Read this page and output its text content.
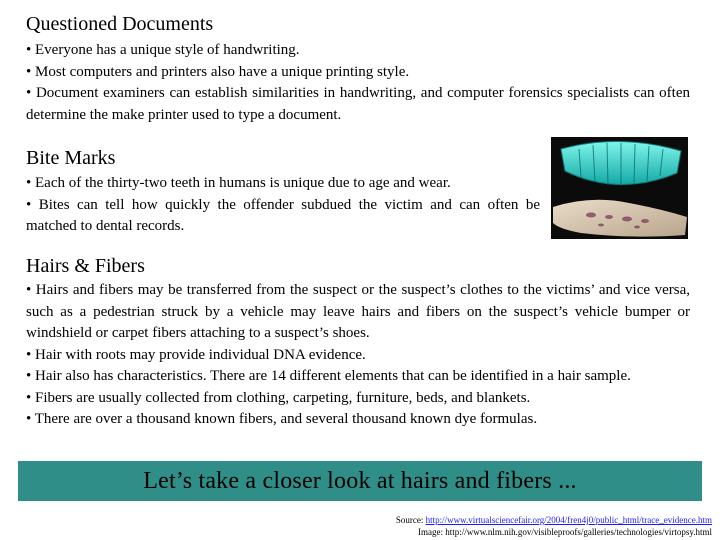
Questioned Documents
• Everyone has a unique style of handwriting.
• Most computers and printers also have a unique printing style.
• Document examiners can establish similarities in handwriting, and computer forensics specialists can often determine the make printer used to type a document.
Bite Marks
• Each of the thirty-two teeth in humans is unique due to age and wear.
• Bites can tell how quickly the offender subdued the victim and can often be matched to dental records.
Hairs & Fibers
• Hairs and fibers may be transferred from the suspect or the suspect’s clothes to the victims’ and vice versa, such as a pedestrian struck by a vehicle may leave hairs and fibers on the suspect’s vehicle bumper or windshield or carpet fibers attaching to a suspect’s shoes.
• Hair with roots may provide individual DNA evidence.
• Hair also has characteristics. There are 14 different elements that can be identified in a hair sample.
• Fibers are usually collected from clothing, carpeting, furniture, beds, and blankets.
• There are over a thousand known fibers, and several thousand known dye formulas.
Let’s take a closer look at hairs and fibers ...
Source: http://www.virtualsciencefair.org/2004/fren4j0/public_html/trace_evidence.htm
Image: http://www.nlm.nih.gov/visibleproofs/galleries/technologies/virtopsy.html
